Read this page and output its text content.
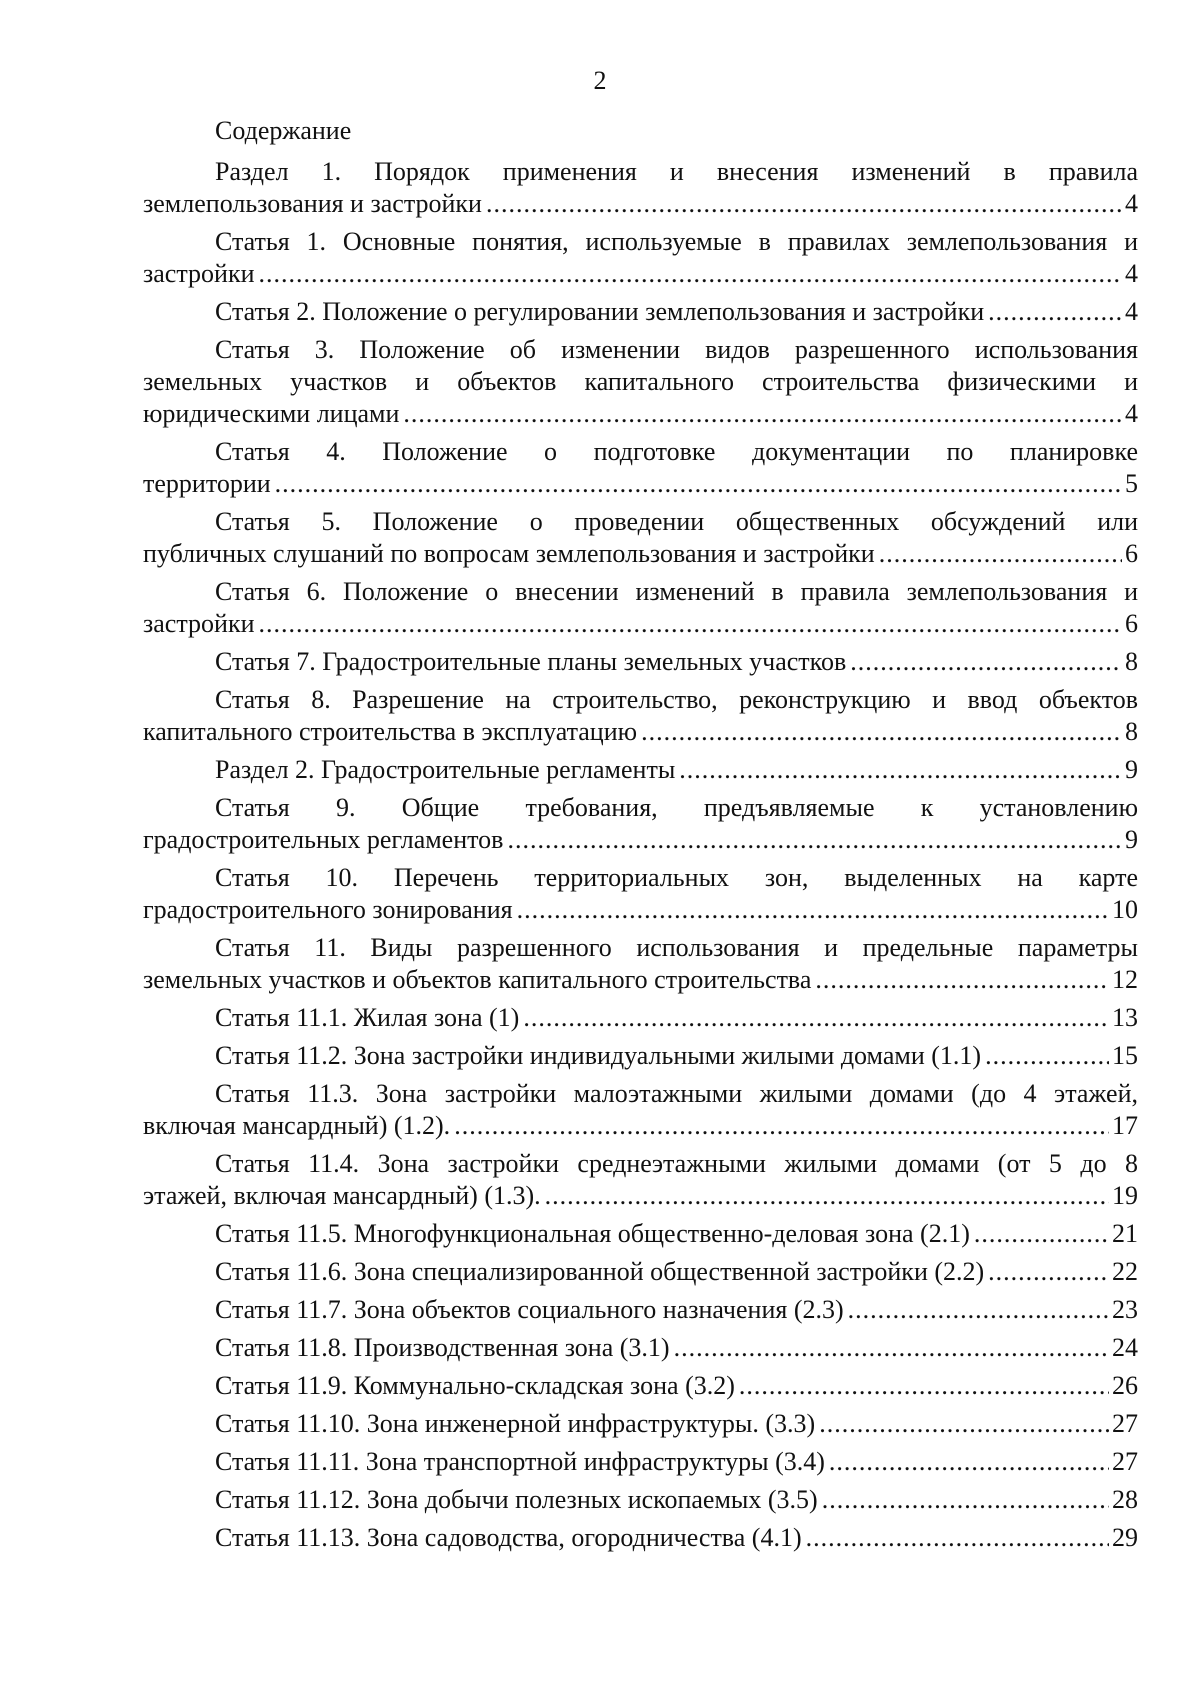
2
Содержание
Раздел 1. Порядок применения и внесения изменений в правила
землепользования и застройки .....	4
Статья 1. Основные понятия, используемые в правилах землепользования и
застройки .....	4
Статья 2. Положение о регулировании землепользования и застройки .....	4
Статья 3. Положение об изменении видов разрешенного использования
земельных участков и объектов капитального строительства физическими и
юридическими лицами .....	4
Статья 4. Положение о подготовке документации по планировке
территории .....	5
Статья 5. Положение о проведении общественных обсуждений или
публичных слушаний по вопросам землепользования и застройки .....	6
Статья 6. Положение о внесении изменений в правила землепользования и
застройки .....	6
Статья 7. Градостроительные планы земельных участков .....	8
Статья 8. Разрешение на строительство, реконструкцию и ввод объектов
капитального строительства в эксплуатацию .....	8
Раздел 2. Градостроительные регламенты .....	9
Статья 9. Общие требования, предъявляемые к установлению
градостроительных регламентов .....	9
Статья 10. Перечень территориальных зон, выделенных на карте
градостроительного зонирования .....	10
Статья 11. Виды разрешенного использования и предельные параметры
земельных участков и объектов капитального строительства .....	12
Статья 11.1. Жилая зона (1) .....	13
Статья 11.2. Зона застройки индивидуальными жилыми домами (1.1) .....	15
Статья 11.3. Зона застройки малоэтажными жилыми домами (до 4 этажей,
включая мансардный) (1.2). .....	17
Статья 11.4. Зона застройки среднеэтажными жилыми домами (от 5 до 8
этажей, включая мансардный) (1.3). .....	19
Статья 11.5. Многофункциональная общественно-деловая зона (2.1) .....	21
Статья 11.6. Зона специализированной общественной застройки (2.2) .....	22
Статья 11.7. Зона объектов социального назначения (2.3) .....	23
Статья 11.8. Производственная зона (3.1) .....	24
Статья 11.9. Коммунально-складская зона (3.2) .....	26
Статья 11.10. Зона инженерной инфраструктуры. (3.3) .....	27
Статья 11.11. Зона транспортной инфраструктуры (3.4) .....	27
Статья 11.12. Зона добычи полезных ископаемых (3.5) .....	28
Статья 11.13. Зона садоводства, огородничества (4.1) .....	29
